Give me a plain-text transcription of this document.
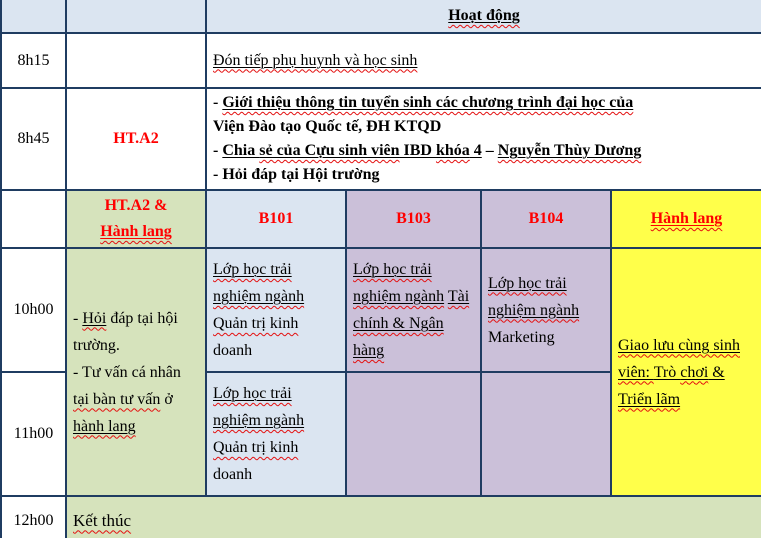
		Hoạt động			

8h15		Đón tiếp phụ huynh và học sinh			

8h45	HT.A2	- Giới thiệu thông tin tuyển sinh các chương trình đại học của
Viện Đào tạo Quốc tế, ĐH KTQD
- Chia sẻ của Cựu sinh viên IBD khóa 4 – Nguyễn Thùy Dương
- Hỏi đáp tại Hội trường			

	HT.A2 &
Hành lang	B101	B103	B104	Hành lang

10h00	- Hỏi đáp tại hội trường.
- Tư vấn cá nhân tại bàn tư vấn ở hành lang	Lớp học trải nghiệm ngành Quản trị kinh doanh	Lớp học trải nghiệm ngành Tài chính & Ngân hàng	Lớp học trải nghiệm ngành Marketing	Giao lưu cùng sinh viên: Trò chơi & Triển lãm

11h00		Lớp học trải nghiệm ngành Quản trị kinh doanh			

12h00	Kết thúc				
